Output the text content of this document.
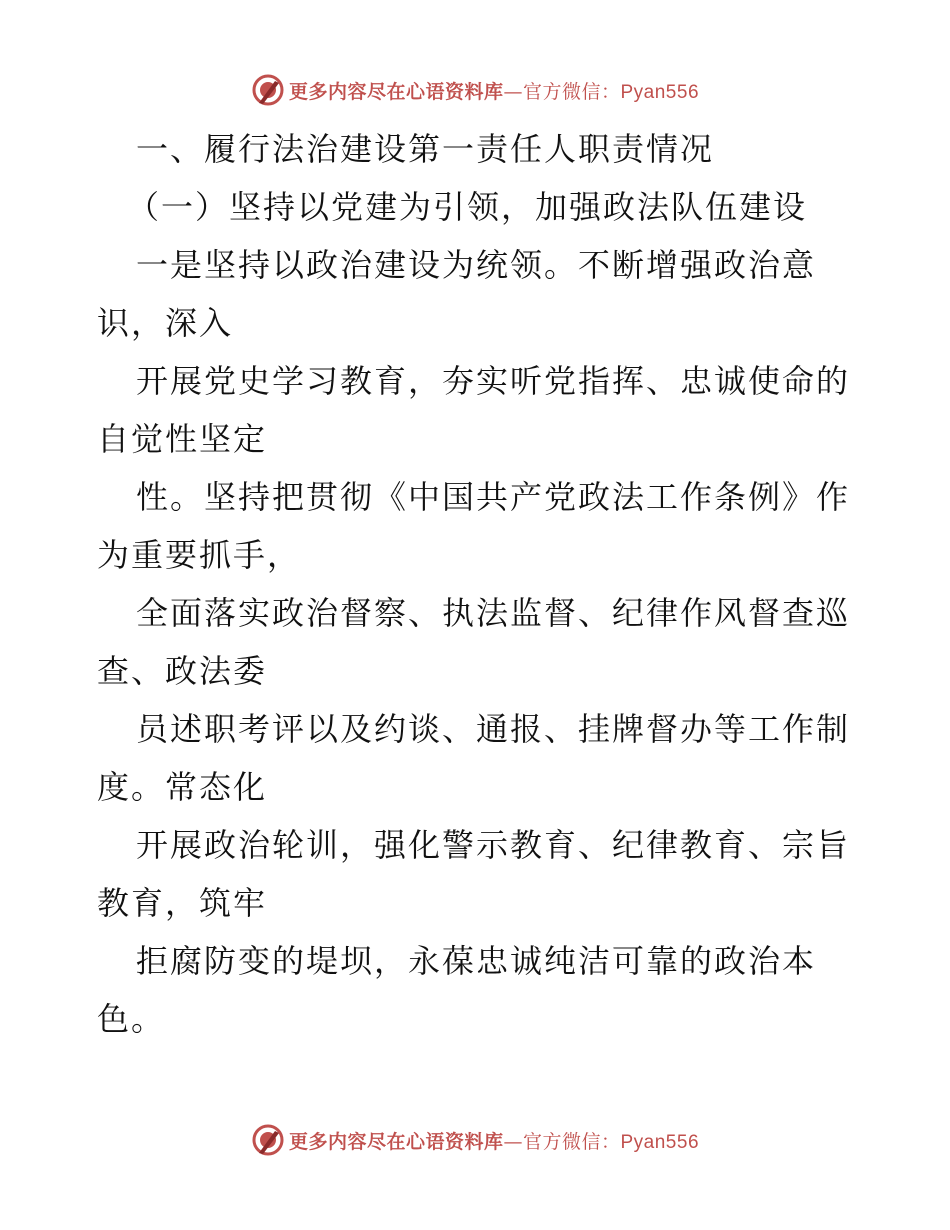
更多内容尽在心语资料库—官方微信：Pyan556
一、履行法治建设第一责任人职责情况
（一）坚持以党建为引领，加强政法队伍建设
一是坚持以政治建设为统领。不断增强政治意
识，深入
开展党史学习教育，夯实听党指挥、忠诚使命的
自觉性坚定
性。坚持把贯彻《中国共产党政法工作条例》作
为重要抓手，
全面落实政治督察、执法监督、纪律作风督查巡
查、政法委
员述职考评以及约谈、通报、挂牌督办等工作制
度。常态化
开展政治轮训，强化警示教育、纪律教育、宗旨
教育，筑牢
拒腐防变的堤坝，永葆忠诚纯洁可靠的政治本
色。
更多内容尽在心语资料库—官方微信：Pyan556
